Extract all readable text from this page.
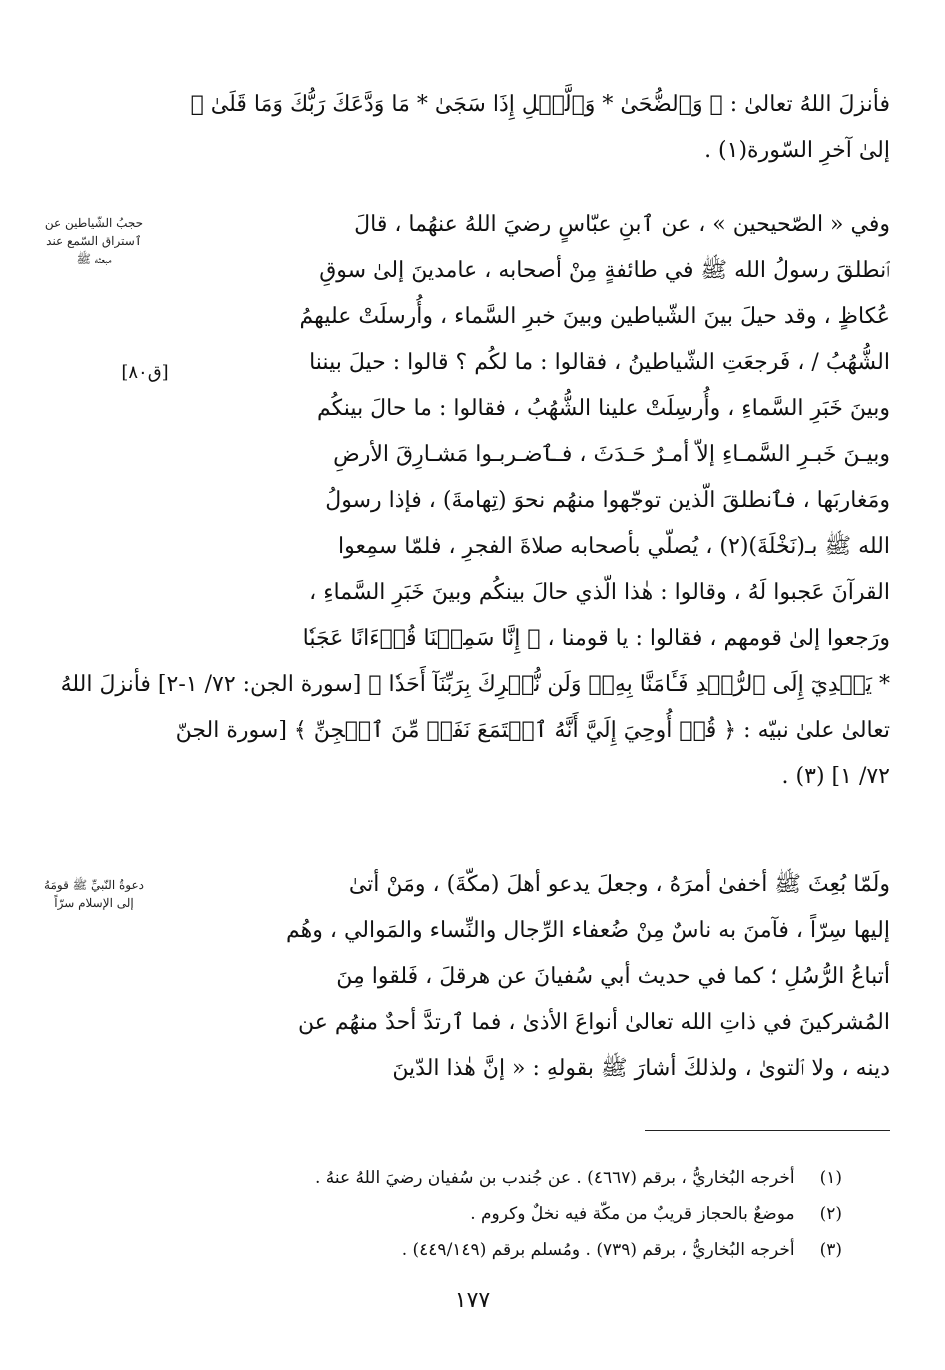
فأنزلَ اللهُ تعالىٰ : ﴿ وَٱلضُّحَىٰ * وَٱلَّيۡلِ إِذَا سَجَىٰ * مَا وَدَّعَكَ رَبُّكَ وَمَا قَلَىٰ ﴾
إلىٰ آخرِ السّورة(١) .
وفي « الصّحيحين » ، عن ٱبنِ عبّاسٍ رضيَ اللهُ عنهُما ، قالَ
ٱنطلقَ رسولُ الله ﷺ في طائفةٍ مِنْ أصحابه ، عامدينَ إلىٰ سوقِ
عُكاظٍ ، وقد حيلَ بينَ الشّياطين وبينَ خبرِ السَّماء ، وأُرسلَتْ عليهمُ
الشُّهُبُ / ، فَرجعَتِ الشّياطينُ ، فقالوا : ما لكُم ؟ قالوا : حيلَ بيننا
وبينَ خَبَرِ السَّماءِ ، وأُرسِلَتْ علينا الشُّهُبُ ، فقالوا : ما حالَ بينكُم
وبيـنَ خَبـرِ السَّمـاءِ إلاّ أمـرٌ حَـدَثَ ، فـٱضـربـوا مَشـارِقَ الأرضِ
ومَغاربَها ، فٱنطلقَ الّذين توجّهوا منهُم نحوَ (تِهامةَ) ، فإذا رسولُ
الله ﷺ بـ(نَخْلَةَ)(٢) ، يُصلّي بأصحابه صلاةَ الفجرِ ، فلمّا سمِعوا
القرآنَ عَجبوا لَهُ ، وقالوا : هٰذا الّذي حالَ بينكُم وبينَ خَبَرِ السَّماءِ ،
ورَجعوا إلىٰ قومهم ، فقالوا : يا قومنا ، ﴿ إِنَّا سَمِعۡنَا قُرۡءَانًا عَجَبٗا
* يَهۡدِيٓ إِلَى ٱلرُّشۡدِ فَـَٔامَنَّا بِهِۦۖ وَلَن نُّشۡرِكَ بِرَبِّنَآ أَحَدٗا ﴾ [سورة الجن: ٧٢/ ١-٢] فأنزلَ اللهُ
تعالىٰ علىٰ نبيّه : ﴿ قُلۡ أُوحِيَ إِلَيَّ أَنَّهُ ٱسۡتَمَعَ نَفَرٞ مِّنَ ٱلۡجِنِّ ﴾ [سورة الجنّ
٧٢/ ١] (٣) .
ولَمّا بُعِثَ ﷺ أخفىٰ أمرَهُ ، وجعلَ يدعو أهلَ (مكّةَ) ، ومَنْ أتىٰ
إليها سِرّاً ، فآمنَ به ناسٌ مِنْ ضُعفاء الرِّجال والنِّساء والمَوالي ، وهُم
أتباعُ الرُّسُلِ ؛ كما في حديث أبي سُفيانَ عن هرقلَ ، فَلقوا مِنَ
المُشركينَ في ذاتِ الله تعالىٰ أنواعَ الأذىٰ ، فما ٱرتدَّ أحدٌ منهُم عن
دينه ، ولا ٱلتوىٰ ، ولذلكَ أشارَ ﷺ بقولهِ : « إنَّ هٰذا الدّينَ
حجبُ الشّياطين عن
ٱستراق السّمع عند
مبعثه ﷺ
دعوةُ النّبيِّ ﷺ قومَهُ
إلى الإسلام سرّاً
[ق٨٠]
(١) أخرجه البُخاريُّ ، برقم (٤٦٦٧) . عن جُندب بن سُفيان رضيَ اللهُ عنهُ .
(٢) موضعٌ بالحجاز قريبٌ من مكّة فيه نخلٌ وكروم .
(٣) أخرجه البُخاريُّ ، برقم (٧٣٩) . ومُسلم برقم (٤٤٩/١٤٩) .
١٧٧
